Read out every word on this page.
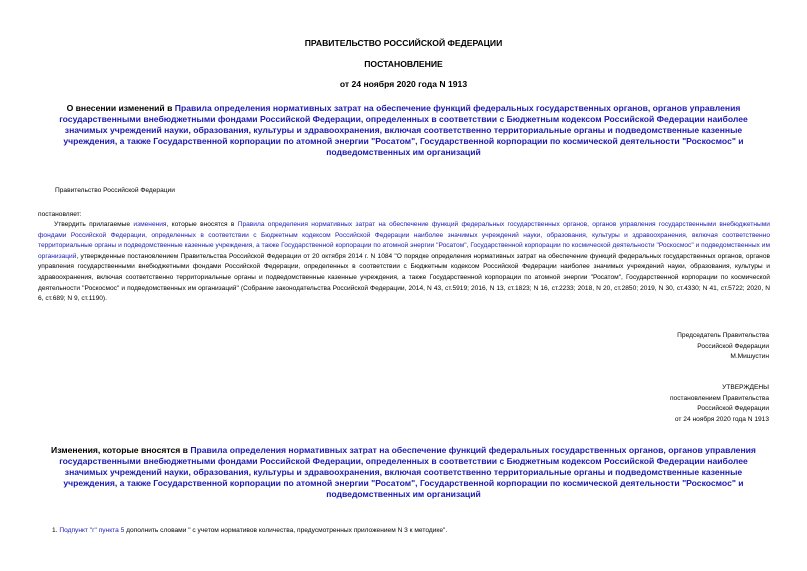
ПРАВИТЕЛЬСТВО РОССИЙСКОЙ ФЕДЕРАЦИИ
ПОСТАНОВЛЕНИЕ
от 24 ноября 2020 года N 1913
О внесении изменений в Правила определения нормативных затрат на обеспечение функций федеральных государственных органов, органов управления государственными внебюджетными фондами Российской Федерации, определенных в соответствии с Бюджетным кодексом Российской Федерации наиболее значимых учреждений науки, образования, культуры и здравоохранения, включая соответственно территориальные органы и подведомственные казенные учреждения, а также Государственной корпорации по атомной энергии "Росатом", Государственной корпорации по космической деятельности "Роскосмос" и подведомственных им организаций
Правительство Российской Федерации
постановляет:
Утвердить прилагаемые изменения, которые вносятся в Правила определения нормативных затрат на обеспечение функций федеральных государственных органов, органов управления государственными внебюджетными фондами Российской Федерации, определенных в соответствии с Бюджетным кодексом Российской Федерации наиболее значимых учреждений науки, образования, культуры и здравоохранения, включая соответственно территориальные органы и подведомственные казенные учреждения, а также Государственной корпорации по атомной энергии "Росатом", Государственной корпорации по космической деятельности "Роскосмос" и подведомственных им организаций, утвержденные постановлением Правительства Российской Федерации от 20 октября 2014 г. N 1084 "О порядке определения нормативных затрат на обеспечение функций федеральных государственных органов, органов управления государственными внебюджетными фондами Российской Федерации, определенных в соответствии с Бюджетным кодексом Российской Федерации наиболее значимых учреждений науки, образования, культуры и здравоохранения, включая соответственно территориальные органы и подведомственные казенные учреждения, а также Государственной корпорации по атомной энергии "Росатом", Государственной корпорации по космической деятельности "Роскосмос" и подведомственных им организаций" (Собрание законодательства Российской Федерации, 2014, N 43, ст.5919; 2016, N 13, ст.1823; N 16, ст.2233; 2018, N 20, ст.2850; 2019, N 30, ст.4330; N 41, ст.5722; 2020, N 6, ст.689; N 9, ст.1190).
Председатель Правительства
Российской Федерации
М.Мишустин
УТВЕРЖДЕНЫ
постановлением Правительства
Российской Федерации
от 24 ноября 2020 года N 1913
Изменения, которые вносятся в Правила определения нормативных затрат на обеспечение функций федеральных государственных органов, органов управления государственными внебюджетными фондами Российской Федерации, определенных в соответствии с Бюджетным кодексом Российской Федерации наиболее значимых учреждений науки, образования, культуры и здравоохранения, включая соответственно территориальные органы и подведомственные казенные учреждения, а также Государственной корпорации по атомной энергии "Росатом", Государственной корпорации по космической деятельности "Роскосмос" и подведомственных им организаций
1. Подпункт "г" пункта 5 дополнить словами " с учетом нормативов количества, предусмотренных приложением N 3 к методике".
